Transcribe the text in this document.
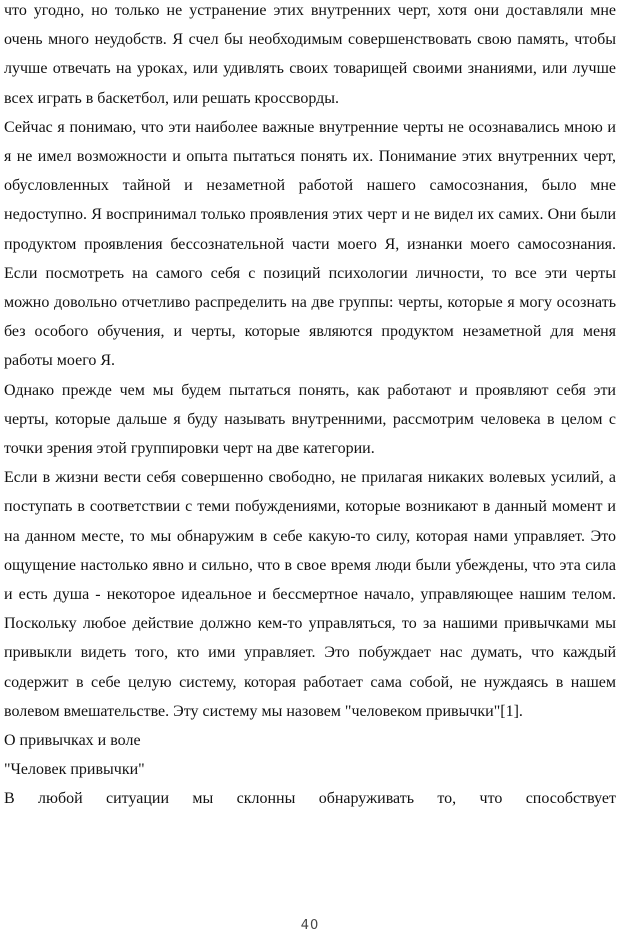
что угодно, но только не устранение этих внутренних черт, хотя они доставляли мне очень много неудобств. Я счел бы необходимым совершенствовать свою память, чтобы лучше отвечать на уроках, или удивлять своих товарищей своими знаниями, или лучше всех играть в баскетбол, или решать кроссворды.

Сейчас я понимаю, что эти наиболее важные внутренние черты не осознавались мною и я не имел возможности и опыта пытаться понять их. Понимание этих внутренних черт, обусловленных тайной и незаметной работой нашего самосознания, было мне недоступно. Я воспринимал только проявления этих черт и не видел их самих. Они были продуктом проявления бессознательной части моего Я, изнанки моего самосознания. Если посмотреть на самого себя с позиций психологии личности, то все эти черты можно довольно отчетливо распределить на две группы: черты, которые я могу осознать без особого обучения, и черты, которые являются продуктом незаметной для меня работы моего Я.

Однако прежде чем мы будем пытаться понять, как работают и проявляют себя эти черты, которые дальше я буду называть внутренними, рассмотрим человека в целом с точки зрения этой группировки черт на две категории.

Если в жизни вести себя совершенно свободно, не прилагая никаких волевых усилий, а поступать в соответствии с теми побуждениями, которые возникают в данный момент и на данном месте, то мы обнаружим в себе какую-то силу, которая нами управляет. Это ощущение настолько явно и сильно, что в свое время люди были убеждены, что эта сила и есть душа - некоторое идеальное и бессмертное начало, управляющее нашим телом. Поскольку любое действие должно кем-то управляться, то за нашими привычками мы привыкли видеть того, кто ими управляет. Это побуждает нас думать, что каждый содержит в себе целую систему, которая работает сама собой, не нуждаясь в нашем волевом вмешательстве. Эту систему мы назовем "человеком привычки"[1].

О привычках и воле

"Человек привычки"

В любой ситуации мы склонны обнаруживать то, что способствует

40
